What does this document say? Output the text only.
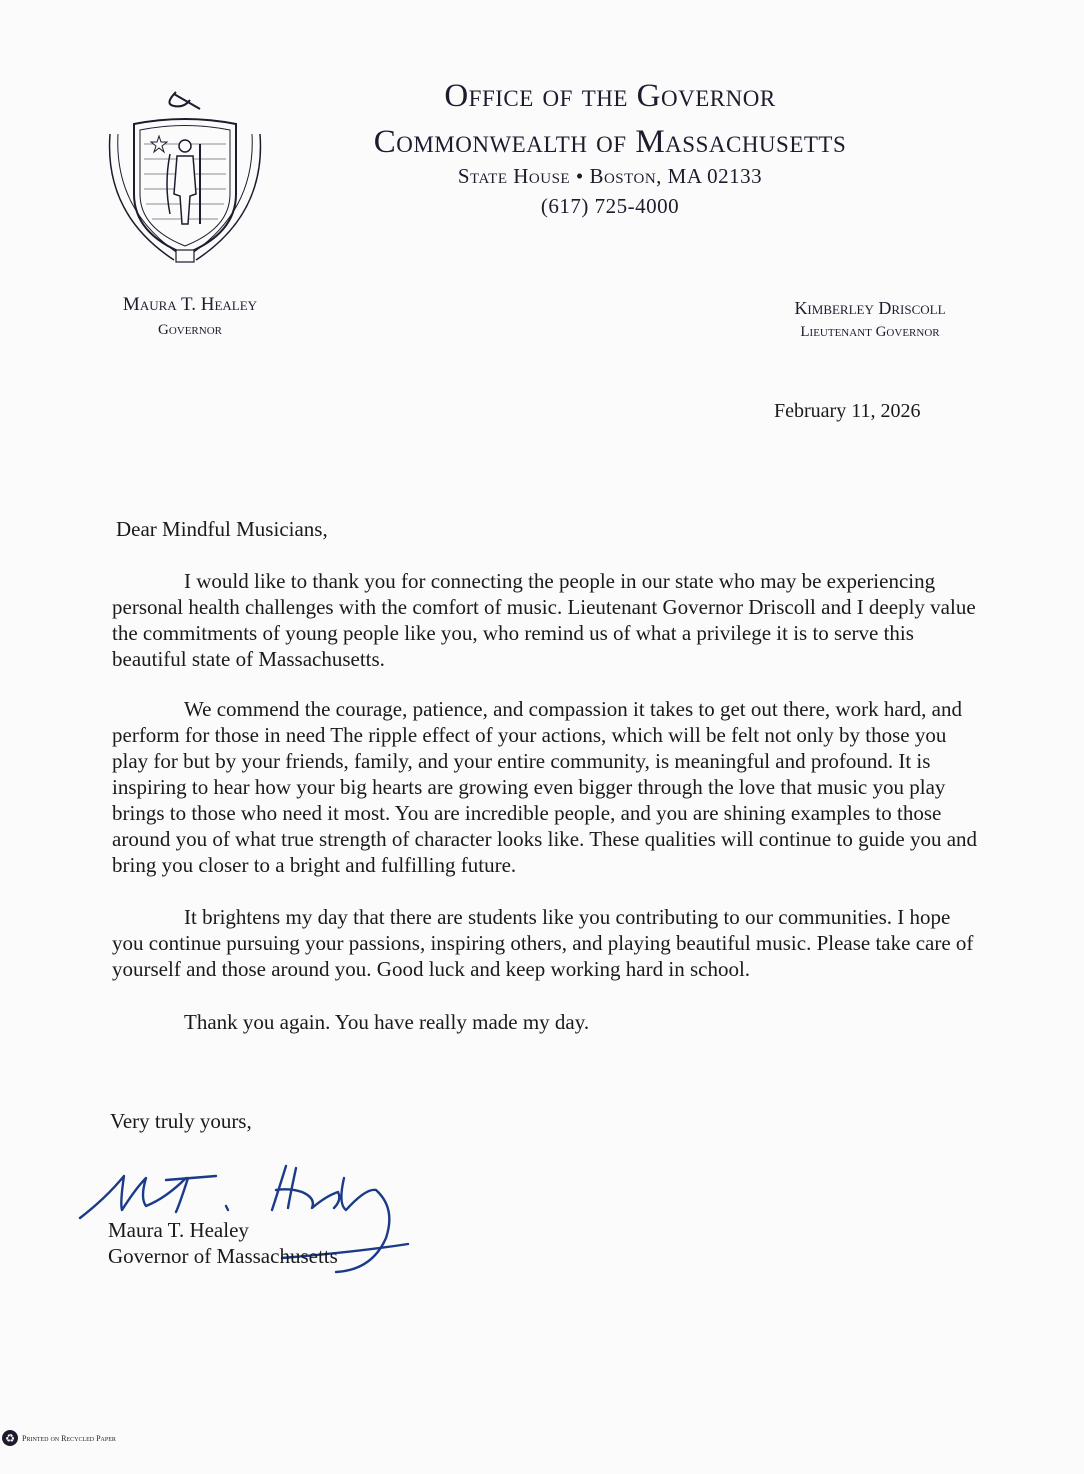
Office of the Governor
Commonwealth of Massachusetts
State House • Boston, MA 02133
(617) 725-4000
Maura T. Healey
Governor
Kimberley Driscoll
Lieutenant Governor
February 11, 2026
Dear Mindful Musicians,
I would like to thank you for connecting the people in our state who may be experiencing personal health challenges with the comfort of music. Lieutenant Governor Driscoll and I deeply value the commitments of young people like you, who remind us of what a privilege it is to serve this beautiful state of Massachusetts.
We commend the courage, patience, and compassion it takes to get out there, work hard, and perform for those in need The ripple effect of your actions, which will be felt not only by those you play for but by your friends, family, and your entire community, is meaningful and profound. It is inspiring to hear how your big hearts are growing even bigger through the love that music you play brings to those who need it most. You are incredible people, and you are shining examples to those around you of what true strength of character looks like. These qualities will continue to guide you and bring you closer to a bright and fulfilling future.
It brightens my day that there are students like you contributing to our communities. I hope you continue pursuing your passions, inspiring others, and playing beautiful music. Please take care of yourself and those around you. Good luck and keep working hard in school.
Thank you again. You have really made my day.
Very truly yours,
Maura T. Healey
Governor of Massachusetts
♻ Printed on Recycled Paper
